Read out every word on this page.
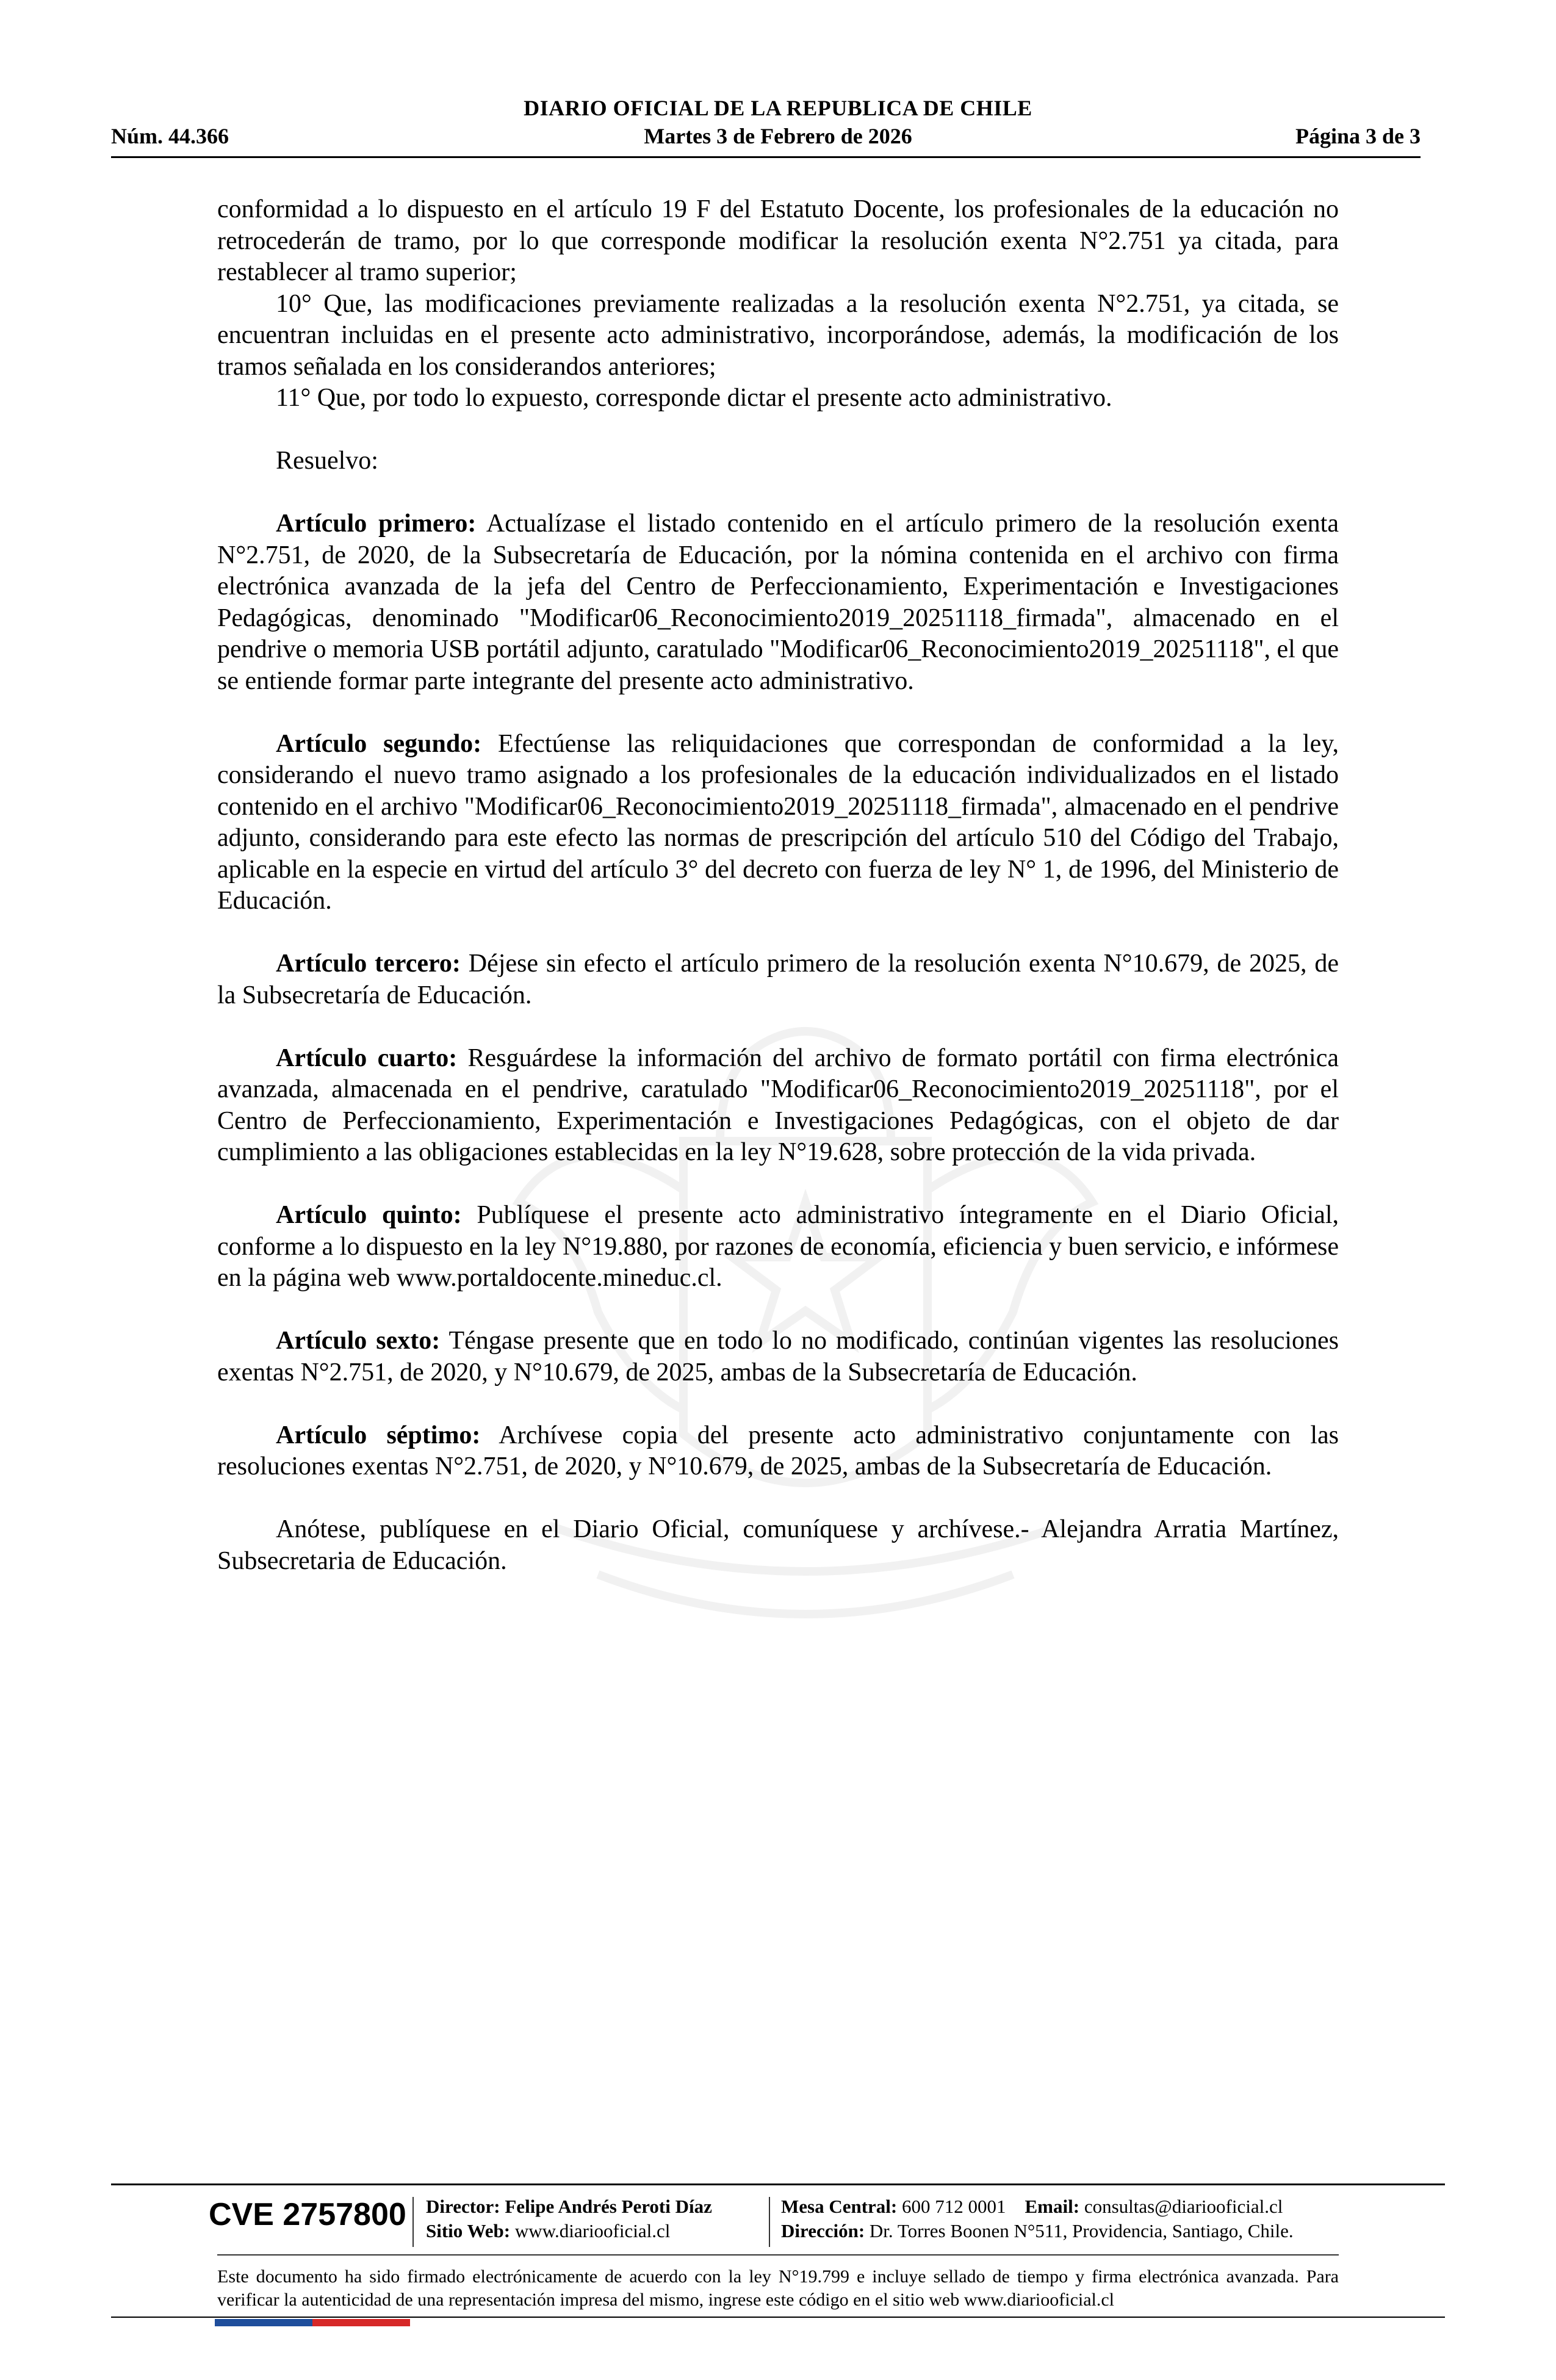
DIARIO OFICIAL DE LA REPUBLICA DE CHILE
Núm. 44.366	Martes 3 de Febrero de 2026	Página 3 de 3

conformidad a lo dispuesto en el artículo 19 F del Estatuto Docente, los profesionales de la educación no retrocederán de tramo, por lo que corresponde modificar la resolución exenta N°2.751 ya citada, para restablecer al tramo superior;

10° Que, las modificaciones previamente realizadas a la resolución exenta N°2.751, ya citada, se encuentran incluidas en el presente acto administrativo, incorporándose, además, la modificación de los tramos señalada en los considerandos anteriores;

11° Que, por todo lo expuesto, corresponde dictar el presente acto administrativo.

Resuelvo:

Artículo primero: Actualízase el listado contenido en el artículo primero de la resolución exenta N°2.751, de 2020, de la Subsecretaría de Educación, por la nómina contenida en el archivo con firma electrónica avanzada de la jefa del Centro de Perfeccionamiento, Experimentación e Investigaciones Pedagógicas, denominado "Modificar06_Reconocimiento2019_20251118_firmada", almacenado en el pendrive o memoria USB portátil adjunto, caratulado "Modificar06_Reconocimiento2019_20251118", el que se entiende formar parte integrante del presente acto administrativo.

Artículo segundo: Efectúense las reliquidaciones que correspondan de conformidad a la ley, considerando el nuevo tramo asignado a los profesionales de la educación individualizados en el listado contenido en el archivo "Modificar06_Reconocimiento2019_20251118_firmada", almacenado en el pendrive adjunto, considerando para este efecto las normas de prescripción del artículo 510 del Código del Trabajo, aplicable en la especie en virtud del artículo 3° del decreto con fuerza de ley N° 1, de 1996, del Ministerio de Educación.

Artículo tercero: Déjese sin efecto el artículo primero de la resolución exenta N°10.679, de 2025, de la Subsecretaría de Educación.

Artículo cuarto: Resguárdese la información del archivo de formato portátil con firma electrónica avanzada, almacenada en el pendrive, caratulado "Modificar06_Reconocimiento2019_20251118", por el Centro de Perfeccionamiento, Experimentación e Investigaciones Pedagógicas, con el objeto de dar cumplimiento a las obligaciones establecidas en la ley N°19.628, sobre protección de la vida privada.

Artículo quinto: Publíquese el presente acto administrativo íntegramente en el Diario Oficial, conforme a lo dispuesto en la ley N°19.880, por razones de economía, eficiencia y buen servicio, e infórmese en la página web www.portaldocente.mineduc.cl.

Artículo sexto: Téngase presente que en todo lo no modificado, continúan vigentes las resoluciones exentas N°2.751, de 2020, y N°10.679, de 2025, ambas de la Subsecretaría de Educación.

Artículo séptimo: Archívese copia del presente acto administrativo conjuntamente con las resoluciones exentas N°2.751, de 2020, y N°10.679, de 2025, ambas de la Subsecretaría de Educación.

Anótese, publíquese en el Diario Oficial, comuníquese y archívese.- Alejandra Arratia Martínez, Subsecretaria de Educación.

CVE 2757800 Director: Felipe Andrés Peroti Díaz
Sitio Web: www.diariooficial.cl
Mesa Central: 600 712 0001 Email: consultas@diariooficial.cl
Dirección: Dr. Torres Boonen N°511, Providencia, Santiago, Chile.
Este documento ha sido firmado electrónicamente de acuerdo con la ley N°19.799 e incluye sellado de tiempo y firma electrónica avanzada. Para verificar la autenticidad de una representación impresa del mismo, ingrese este código en el sitio web www.diariooficial.cl
